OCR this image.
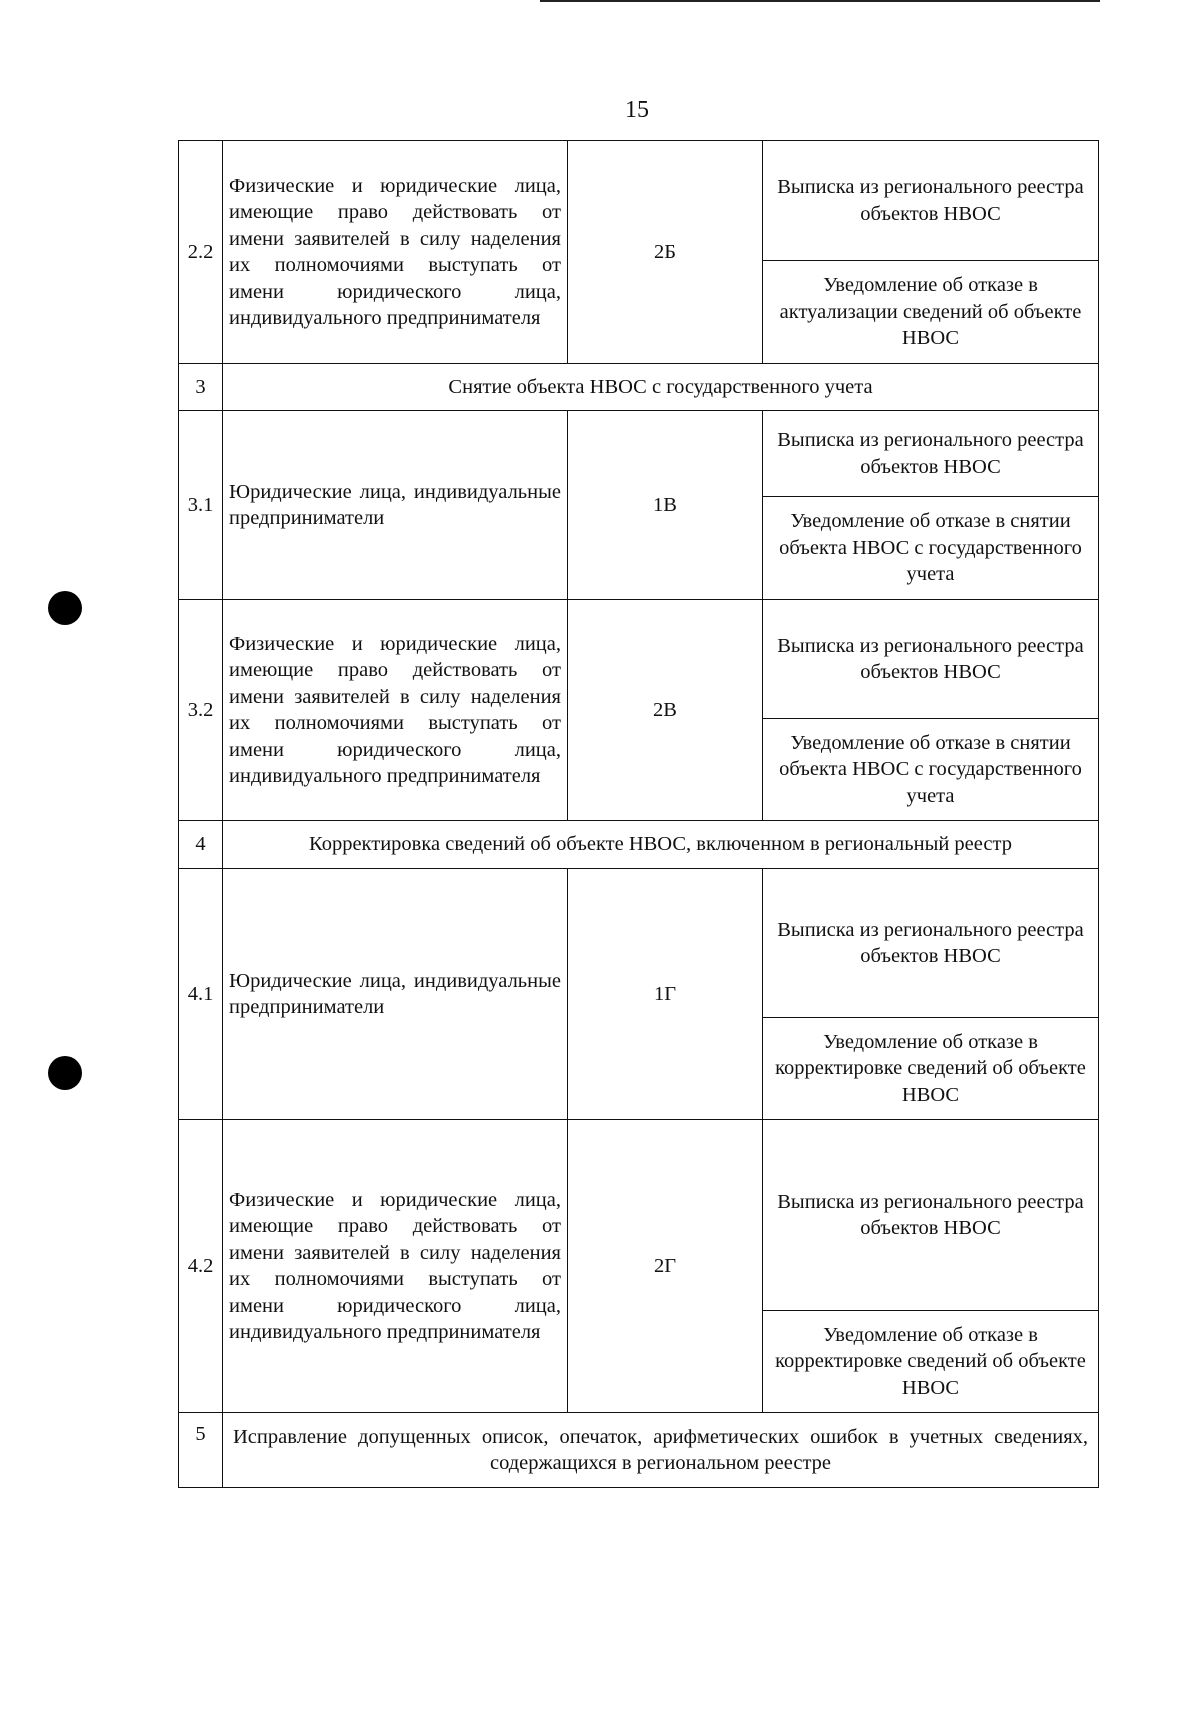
15
2.2	Физические и юридические лица, имеющие право действовать от имени заявителей в силу наделения их полномочиями выступать от имени юридического лица, индивидуального предпринимателя	2Б	Выписка из регионального реестра объектов НВОС
			Уведомление об отказе в актуализации сведений об объекте НВОС
3	Снятие объекта НВОС с государственного учета		
3.1	Юридические лица, индивидуальные предприниматели	1В	Выписка из регионального реестра объектов НВОС
			Уведомление об отказе в снятии объекта НВОС с государственного учета
3.2	Физические и юридические лица, имеющие право действовать от имени заявителей в силу наделения их полномочиями выступать от имени юридического лица, индивидуального предпринимателя	2В	Выписка из регионального реестра объектов НВОС
			Уведомление об отказе в снятии объекта НВОС с государственного учета
4	Корректировка сведений об объекте НВОС, включенном в региональный реестр		
4.1	Юридические лица, индивидуальные предприниматели	1Г	Выписка из регионального реестра объектов НВОС
			Уведомление об отказе в корректировке сведений об объекте НВОС
4.2	Физические и юридические лица, имеющие право действовать от имени заявителей в силу наделения их полномочиями выступать от имени юридического лица, индивидуального предпринимателя	2Г	Выписка из регионального реестра объектов НВОС
			Уведомление об отказе в корректировке сведений об объекте НВОС
5	Исправление допущенных описок, опечаток, арифметических ошибок в учетных сведениях, содержащихся в региональном реестре		
